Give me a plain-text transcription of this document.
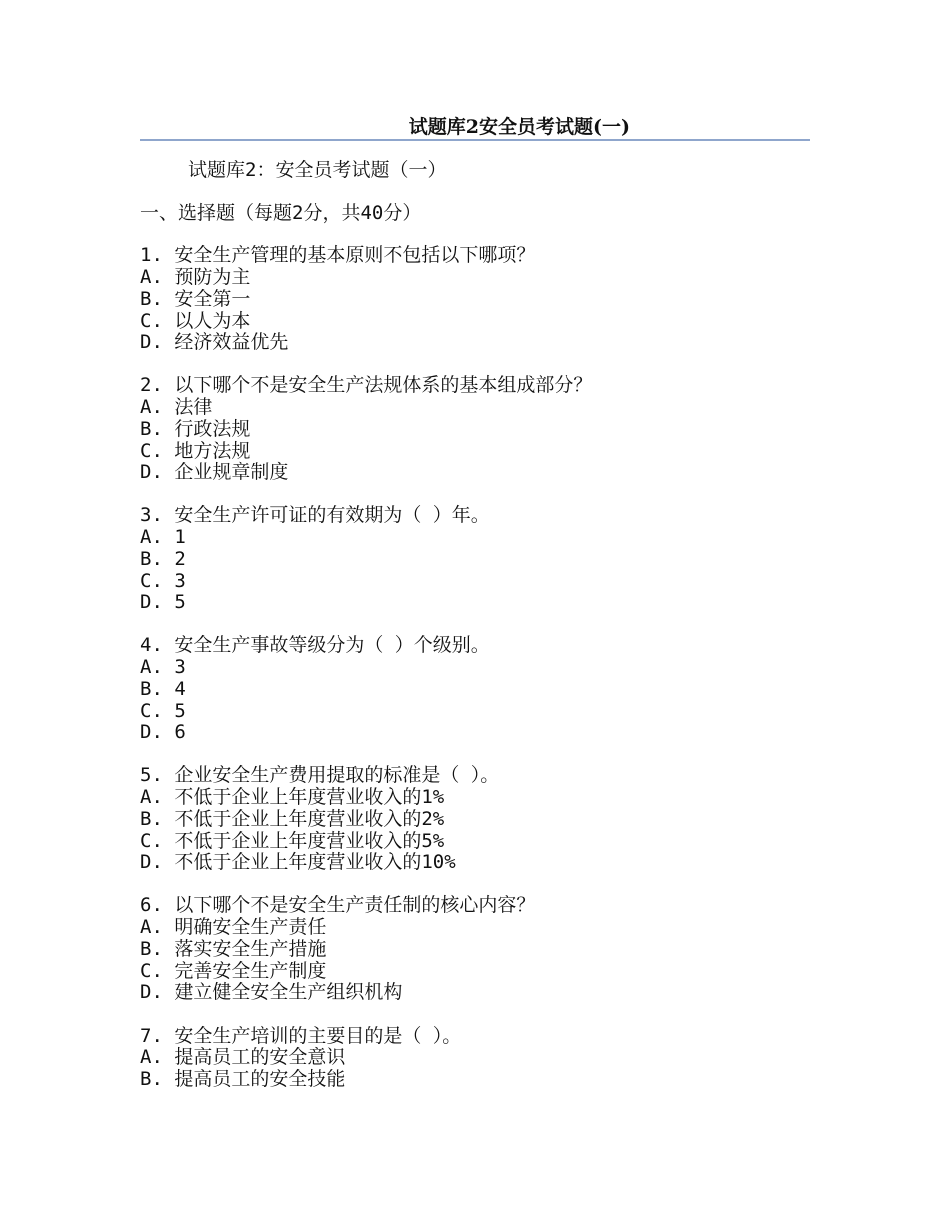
试题库2安全员考试题(一)
试题库2：安全员考试题（一）
一、选择题（每题2分，共40分）
1. 安全生产管理的基本原则不包括以下哪项？
A. 预防为主
B. 安全第一
C. 以人为本
D. 经济效益优先
2. 以下哪个不是安全生产法规体系的基本组成部分？
A. 法律
B. 行政法规
C. 地方法规
D. 企业规章制度
3. 安全生产许可证的有效期为（ ）年。
A. 1
B. 2
C. 3
D. 5
4. 安全生产事故等级分为（ ）个级别。
A. 3
B. 4
C. 5
D. 6
5. 企业安全生产费用提取的标准是（ ）。
A. 不低于企业上年度营业收入的1%
B. 不低于企业上年度营业收入的2%
C. 不低于企业上年度营业收入的5%
D. 不低于企业上年度营业收入的10%
6. 以下哪个不是安全生产责任制的核心内容？
A. 明确安全生产责任
B. 落实安全生产措施
C. 完善安全生产制度
D. 建立健全安全生产组织机构
7. 安全生产培训的主要目的是（ ）。
A. 提高员工的安全意识
B. 提高员工的安全技能
